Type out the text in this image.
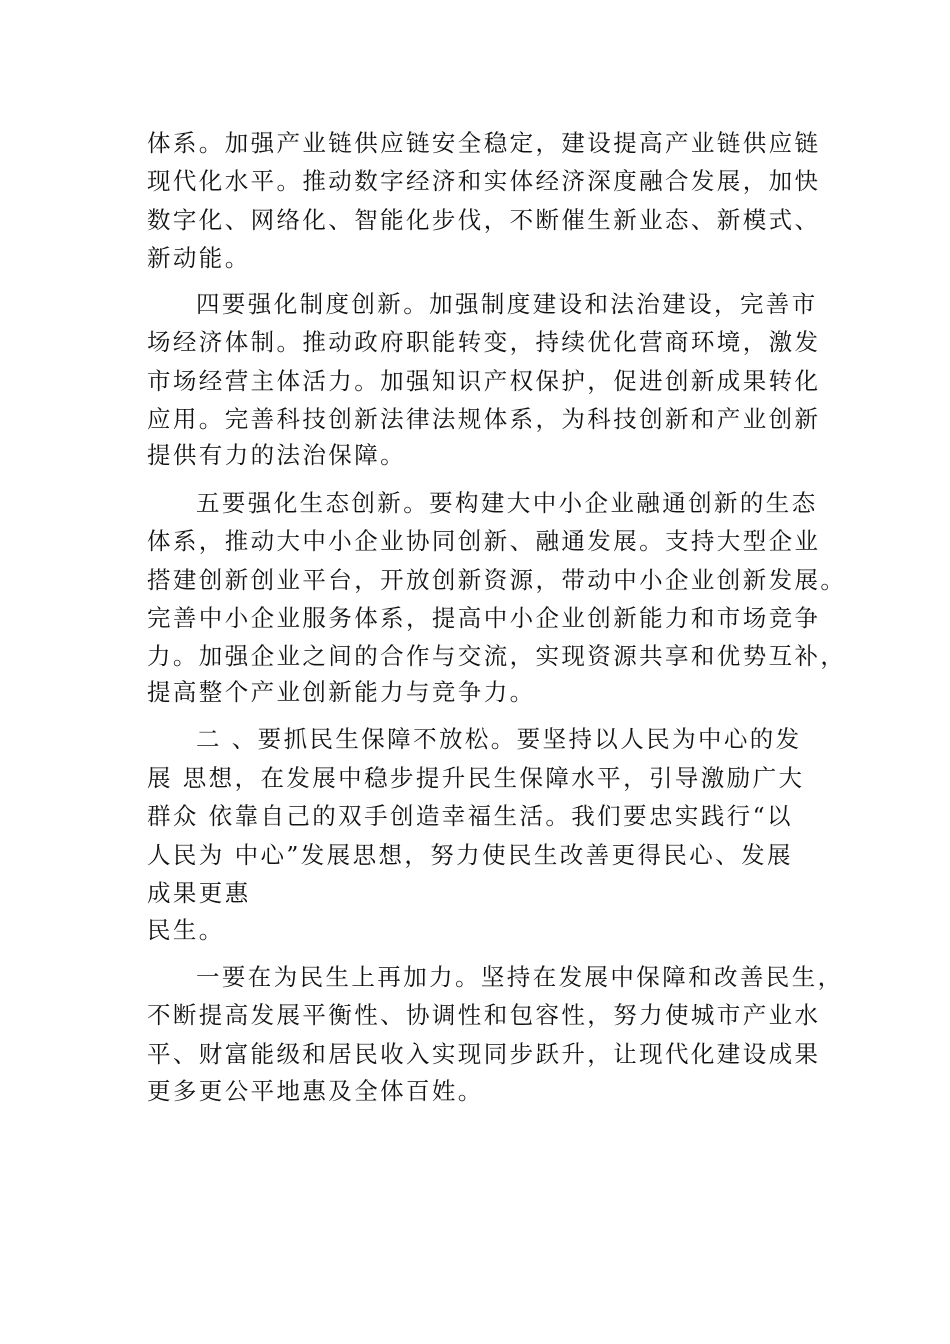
体系。加强产业链供应链安全稳定，建设提高产业链供应链
现代化水平。推动数字经济和实体经济深度融合发展，加快
数字化、网络化、智能化步伐，不断催生新业态、新模式、
新动能。
四要强化制度创新。加强制度建设和法治建设，完善市
场经济体制。推动政府职能转变，持续优化营商环境，激发
市场经营主体活力。加强知识产权保护，促进创新成果转化
应用。完善科技创新法律法规体系，为科技创新和产业创新
提供有力的法治保障。
五要强化生态创新。要构建大中小企业融通创新的生态
体系，推动大中小企业协同创新、融通发展。支持大型企业
搭建创新创业平台，开放创新资源，带动中小企业创新发展。
完善中小企业服务体系，提高中小企业创新能力和市场竞争
力。加强企业之间的合作与交流，实现资源共享和优势互补，
提高整个产业创新能力与竞争力。
二 、要抓民生保障不放松。要坚持以人民为中心的发
展 思想，在发展中稳步提升民生保障水平，引导激励广大
群众 依靠自己的双手创造幸福生活。我们要忠实践行“以
人民为 中心”发展思想，努力使民生改善更得民心、发展
成果更惠
民生。
一要在为民生上再加力。坚持在发展中保障和改善民生，
不断提高发展平衡性、协调性和包容性，努力使城市产业水
平、财富能级和居民收入实现同步跃升，让现代化建设成果
更多更公平地惠及全体百姓。
